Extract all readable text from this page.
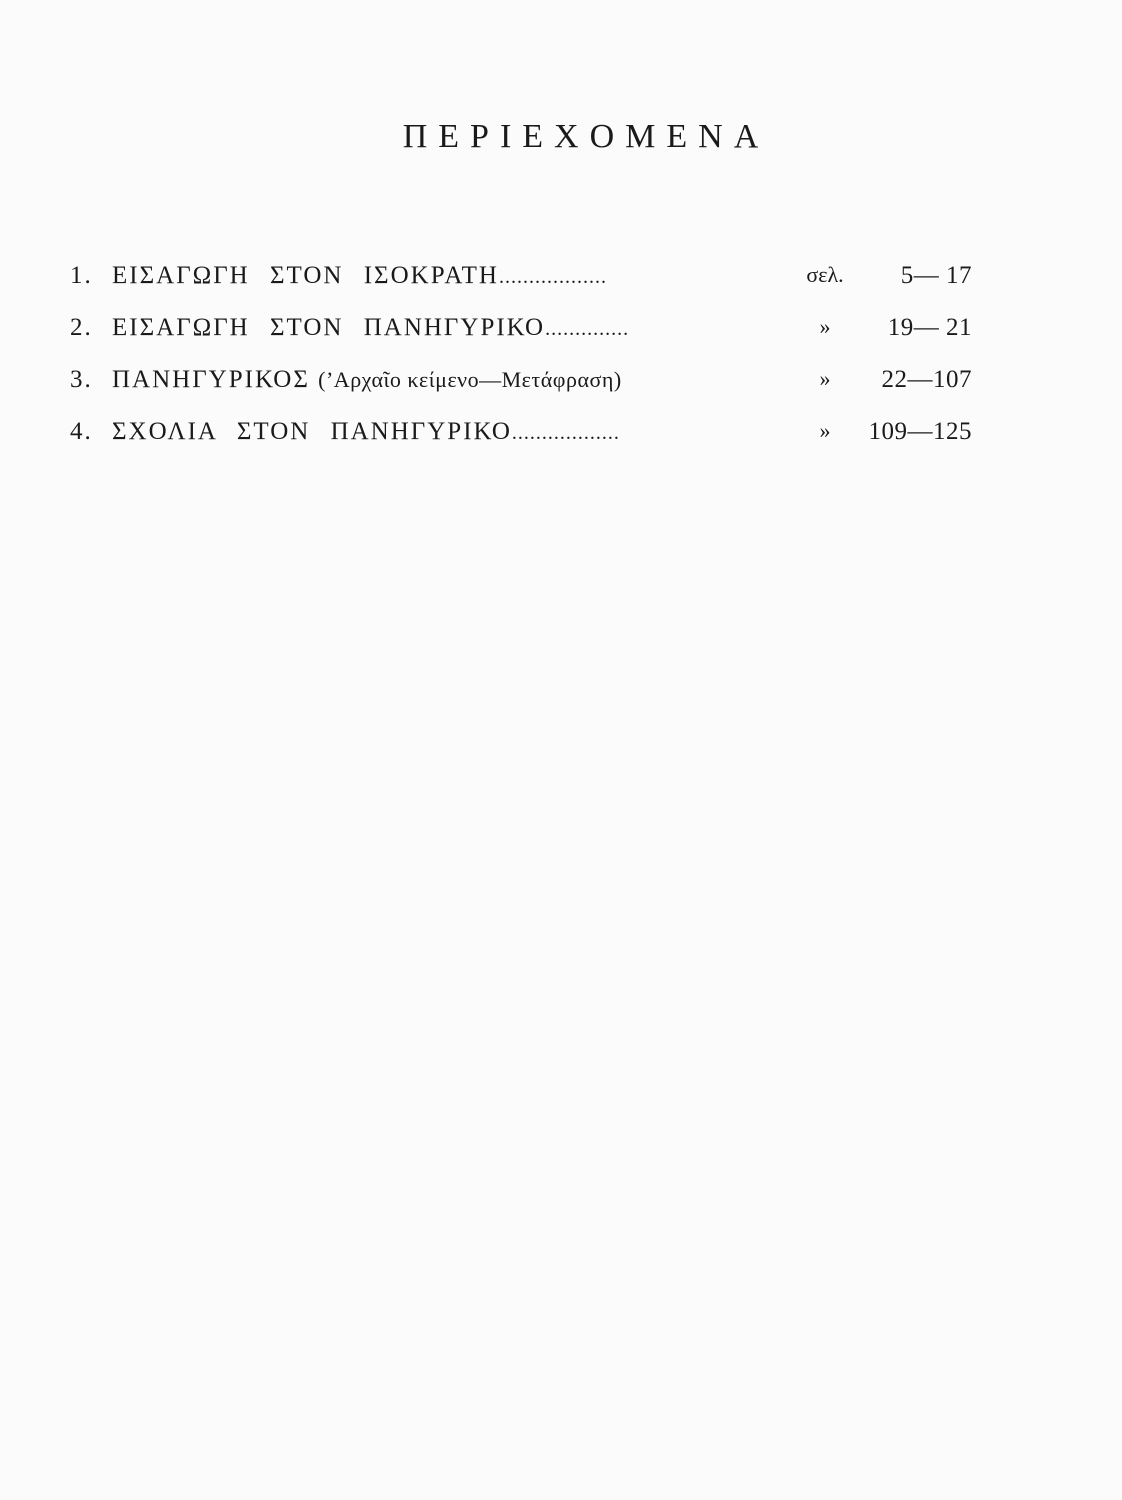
ΠΕΡΙΕΧΟΜΕΝΑ
1. ΕΙΣΑΓΩΓΗ ΣΤΟΝ ΙΣΟΚΡΑΤΗ..................	σελ. 5— 17
2. ΕΙΣΑΓΩΓΗ ΣΤΟΝ ΠΑΝΗΓΥΡΙΚΟ..............	»	19— 21
3. ΠΑΝΗΓΥΡΙΚΟΣ (’Αρχαῖο κείμενο—Μετάφραση)	»	22—107
4. ΣΧΟΛΙΑ ΣΤΟΝ ΠΑΝΗΓΥΡΙΚΟ..................	»	109—125
